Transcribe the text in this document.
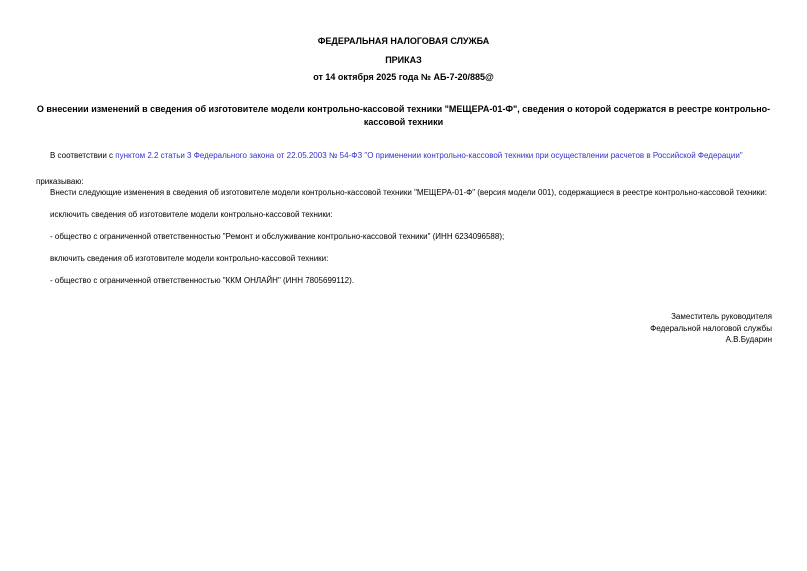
ФЕДЕРАЛЬНАЯ НАЛОГОВАЯ СЛУЖБА
ПРИКАЗ
от 14 октября 2025 года № АБ-7-20/885@
О внесении изменений в сведения об изготовителе модели контрольно-кассовой техники "МЕЩЕРА-01-Ф", сведения о которой содержатся в реестре контрольно-кассовой техники
В соответствии с пунктом 2.2 статьи 3 Федерального закона от 22.05.2003 № 54-ФЗ "О применении контрольно-кассовой техники при осуществлении расчетов в Российской Федерации"
приказываю:
Внести следующие изменения в сведения об изготовителе модели контрольно-кассовой техники "МЕЩЕРА-01-Ф" (версия модели 001), содержащиеся в реестре контрольно-кассовой техники:
исключить сведения об изготовителе модели контрольно-кассовой техники:
- общество с ограниченной ответственностью "Ремонт и обслуживание контрольно-кассовой техники" (ИНН 6234096588);
включить сведения об изготовителе модели контрольно-кассовой техники:
- общество с ограниченной ответственностью "ККМ ОНЛАЙН" (ИНН 7805699112).
Заместитель руководителя
Федеральной налоговой службы
А.В.Бударин
